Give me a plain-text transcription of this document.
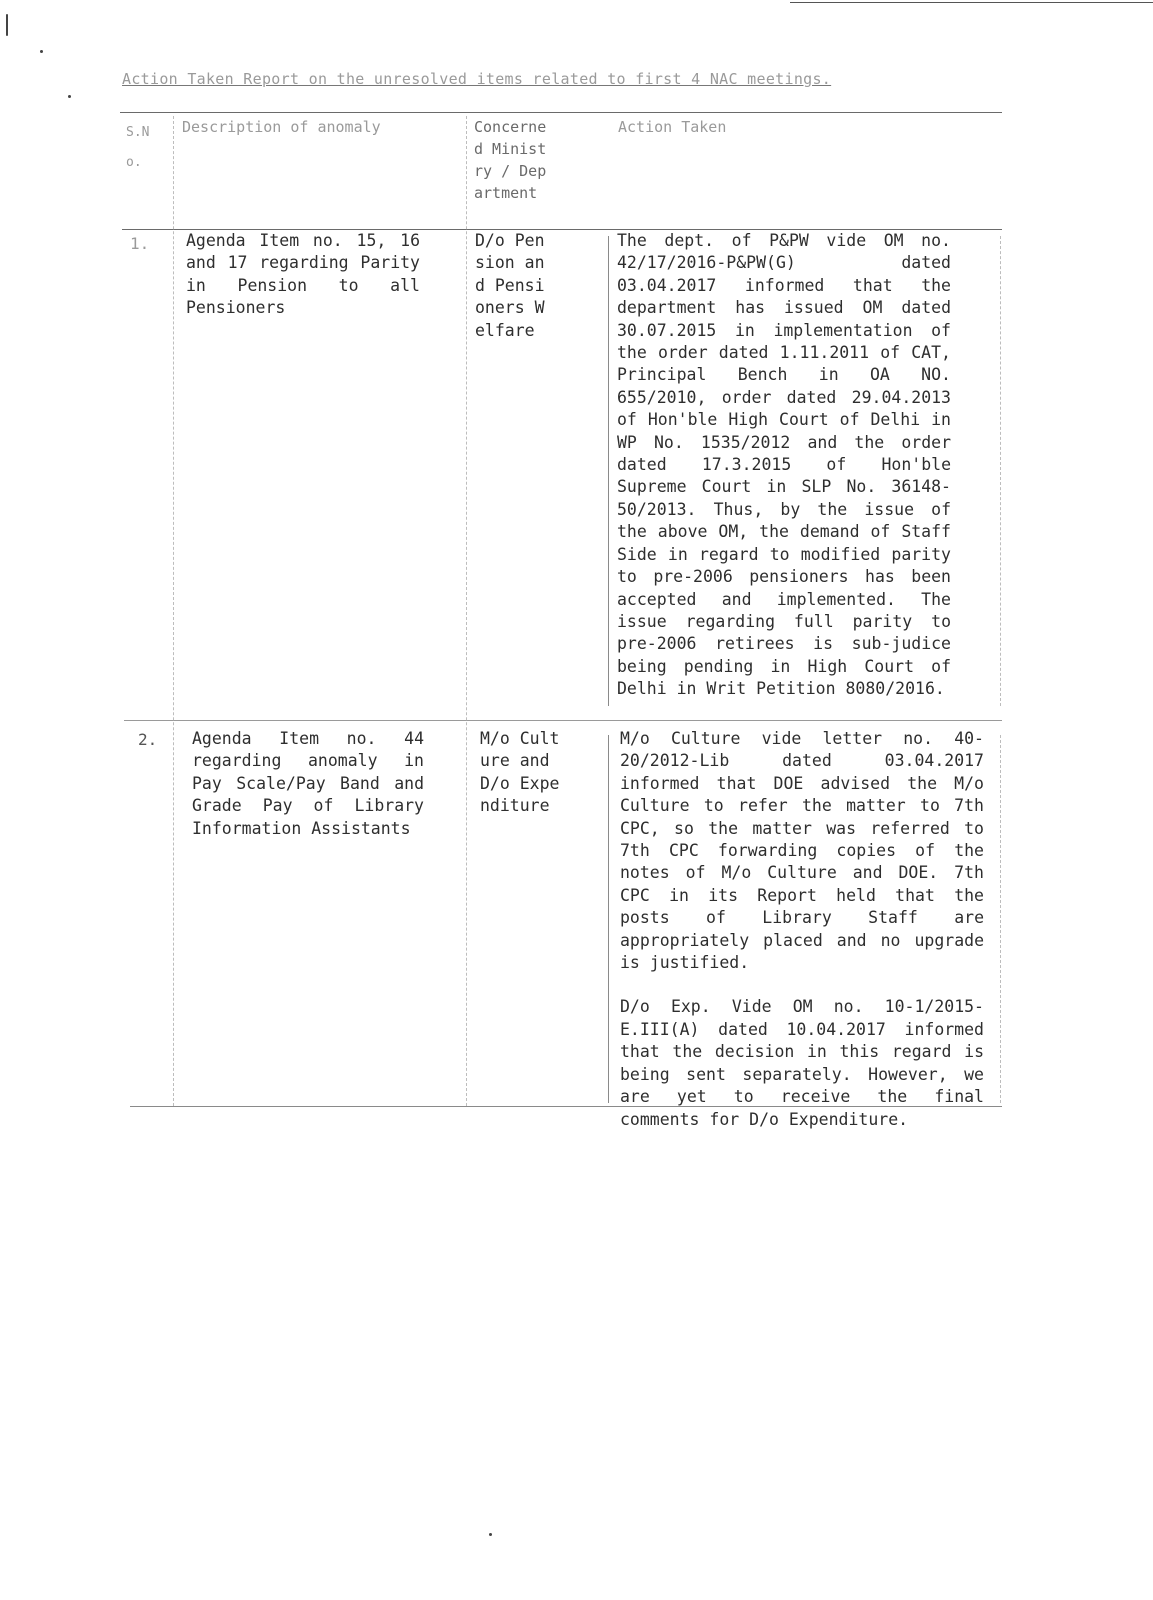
Action Taken Report on the unresolved items related to first 4 NAC meetings.
S.No.
Description of anomaly	Concerned Ministry / Department
Action Taken
1. Agenda Item no. 15, 16 and 17 regarding Parity in Pension to all Pensioners
D/o Pension and Pensioners Welfare

The dept. of P&PW vide OM no. 42/17/2016-P&PW(G) dated 03.04.2017 informed that the department has issued OM dated 30.07.2015 in implementation of the order dated 1.11.2011 of CAT, Principal Bench in OA NO. 655/2010, order dated 29.04.2013 of Hon'ble High Court of Delhi in WP No. 1535/2012 and the order dated 17.3.2015 of Hon'ble Supreme Court in SLP No. 36148-50/2013. Thus, by the issue of the above OM, the demand of Staff Side in regard to modified parity to pre-2006 pensioners has been accepted and implemented. The issue regarding full parity to pre-2006 retirees is sub-judice being pending in High Court of Delhi in Writ Petition 8080/2016.

2. Agenda Item no. 44 regarding anomaly in Pay Scale/Pay Band and Grade Pay of Library Information Assistants
M/o Culture and D/o Expenditure

M/o Culture vide letter no. 40-20/2012-Lib dated 03.04.2017 informed that DOE advised the M/o Culture to refer the matter to 7th CPC, so the matter was referred to 7th CPC forwarding copies of the notes of M/o Culture and DOE. 7th CPC in its Report held that the posts of Library Staff are appropriately placed and no upgrade is justified.

D/o Exp. Vide OM no. 10-1/2015-E.III(A) dated 10.04.2017 informed that the decision in this regard is being sent separately. However, we are yet to receive the final comments for D/o Expenditure.
